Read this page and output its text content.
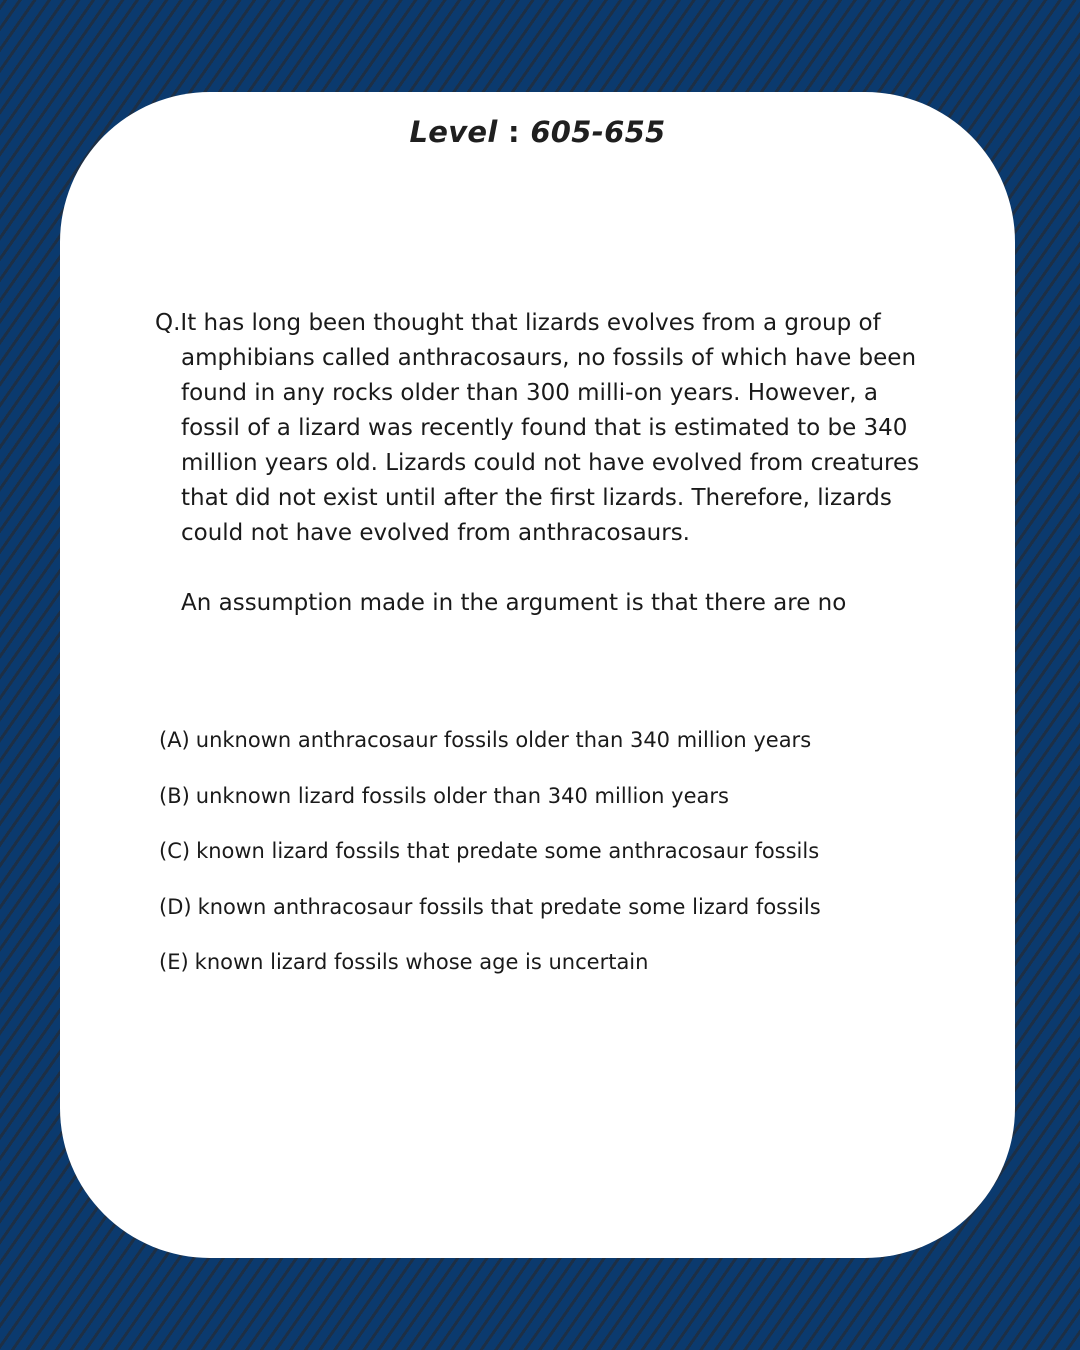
Level : 605-655

Q.It has long been thought that lizards evolves from a group of amphibians called anthracosaurs, no fossils of which have been found in any rocks older than 300 milli-on years. However, a fossil of a lizard was recently found that is estimated to be 340 million years old. Lizards could not have evolved from creatures that did not exist until after the first lizards. Therefore, lizards could not have evolved from anthracosaurs.

An assumption made in the argument is that there are no

(A) unknown anthracosaur fossils older than 340 million years
(B) unknown lizard fossils older than 340 million years
(C) known lizard fossils that predate some anthracosaur fossils
(D) known anthracosaur fossils that predate some lizard fossils
(E) known lizard fossils whose age is uncertain
